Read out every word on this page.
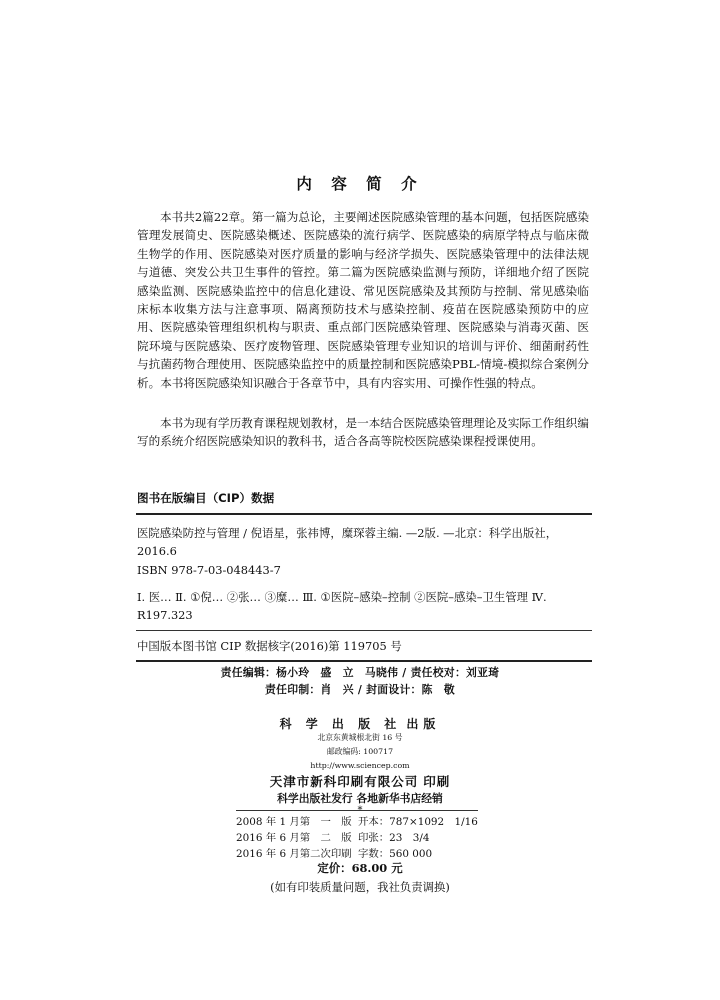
内 容 简 介

本书共2篇22章。第一篇为总论，主要阐述医院感染管理的基本问题，包括医院感染管理发展简史、医院感染概述、医院感染的流行病学、医院感染的病原学特点与临床微生物学的作用、医院感染对医疗质量的影响与经济学损失、医院感染管理中的法律法规与道德、突发公共卫生事件的管控。第二篇为医院感染监测与预防，详细地介绍了医院感染监测、医院感染监控中的信息化建设、常见医院感染及其预防与控制、常见感染临床标本收集方法与注意事项、隔离预防技术与感染控制、疫苗在医院感染预防中的应用、医院感染管理组织机构与职责、重点部门医院感染管理、医院感染与消毒灭菌、医院环境与医院感染、医疗废物管理、医院感染管理专业知识的培训与评价、细菌耐药性与抗菌药物合理使用、医院感染监控中的质量控制和医院感染PBL-情境-模拟综合案例分析。本书将医院感染知识融合于各章节中，具有内容实用、可操作性强的特点。

本书为现有学历教育课程规划教材，是一本结合医院感染管理理论及实际工作组织编写的系统介绍医院感染知识的教科书，适合各高等院校医院感染课程授课使用。

图书在版编目（CIP）数据
医院感染防控与管理 / 倪语星，张祎博，糜琛蓉主编. —2版. —北京：科学出版社，2016.6
ISBN 978-7-03-048443-7
Ⅰ. 医… Ⅱ. ①倪… ②张… ③糜… Ⅲ. ①医院–感染–控制 ②医院–感染–卫生管理 Ⅳ. R197.323
中国版本图书馆 CIP 数据核字(2016)第 119705 号
责任编辑：杨小玲　盛　立　马晓伟 / 责任校对：刘亚琦
责任印制：肖　兴 / 封面设计：陈　敬
科 学 出 版 社 出版
北京东黄城根北街 16 号
邮政编码: 100717
http://www.sciencep.com
天津市新科印刷有限公司 印刷
科学出版社发行 各地新华书店经销
*
2008 年 1 月第　一　版	开本：787×1092　1/16
2016 年 6 月第　二　版	印张：23　3/4
2016 年 6 月第二次印刷	字数：560 000
定价：68.00 元
(如有印装质量问题，我社负责调换)
